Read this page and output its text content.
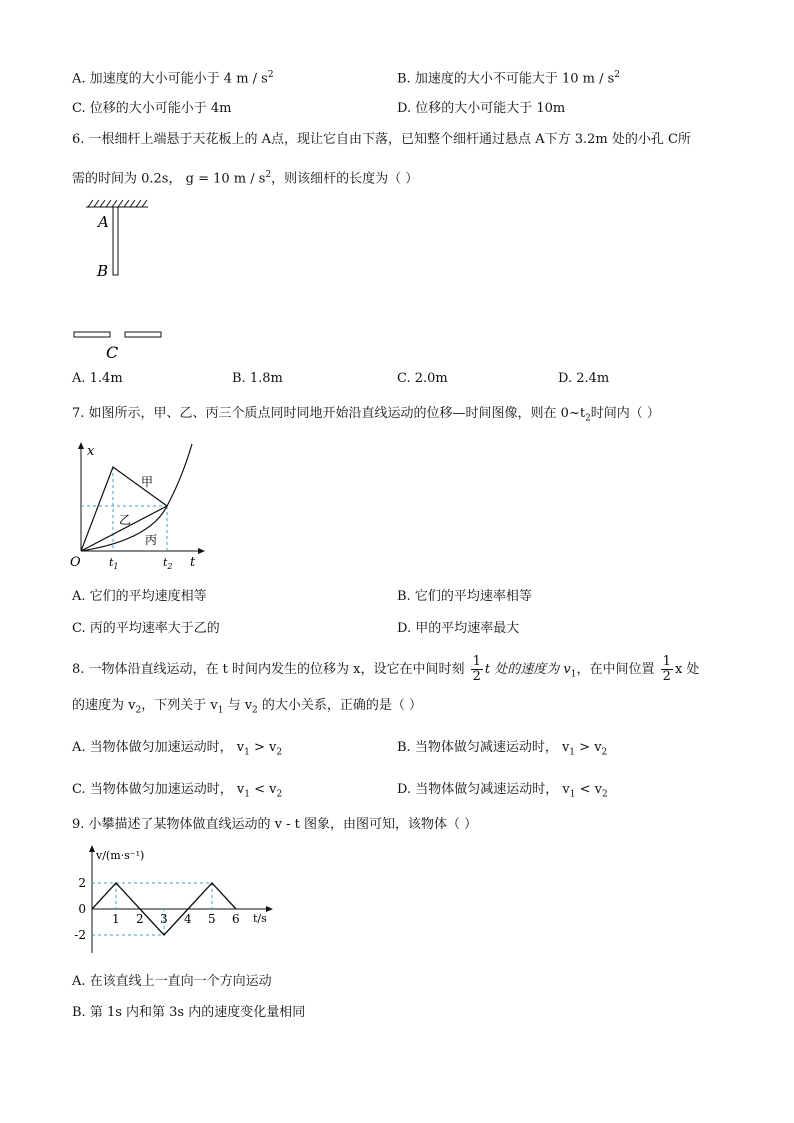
A. 加速度的大小可能小于 4 m / $s^2$	B. 加速度的大小不可能大于 10 m / $s^2$
C. 位移的大小可能小于 4m	D. 位移的大小可能大于 10m
6. 一根细杆上端悬于天花板上的 A点，现让它自由下落，已知整个细杆通过悬点 A下方 3.2m 处的小孔 C所
需的时间为 0.2s， g = 10 m / $s^2$，则该细杆的长度为（ ）
A
B
C
A. 1.4m	B. 1.8m	C. 2.0m	D. 2.4m
7. 如图所示，甲、乙、丙三个质点同时同地开始沿直线运动的位移—时间图像，则在 $0\sim t_2$时间内（ ）
x
t
O
甲
乙
丙
$t_1$	$t_2$
A. 它们的平均速度相等	B. 它们的平均速率相等
C. 丙的平均速率大于乙的	D. 甲的平均速率最大
8. 一物体沿直线运动，在 t 时间内发生的位移为 x，设它在中间时刻 $\frac{1}{2}$ t 处的速度为 $v_1$，在中间位置 $\frac{1}{2}$ x 处
的速度为 $v_2$，下列关于 $v_1$ 与 $v_2$ 的大小关系，正确的是（ ）
A. 当物体做匀加速运动时， $v_1 > v_2$	B. 当物体做匀减速运动时， $v_1 > v_2$
C. 当物体做匀加速运动时， $v_1 < v_2$	D. 当物体做匀减速运动时， $v_1 < v_2$
9. 小攀描述了某物体做直线运动的 v - t 图象，由图可知，该物体（ ）
v/(m·s⁻¹)
t/s
2
0
-2
1 2 3 4 5 6
A. 在该直线上一直向一个方向运动
B. 第 1s 内和第 3s 内的速度变化量相同
